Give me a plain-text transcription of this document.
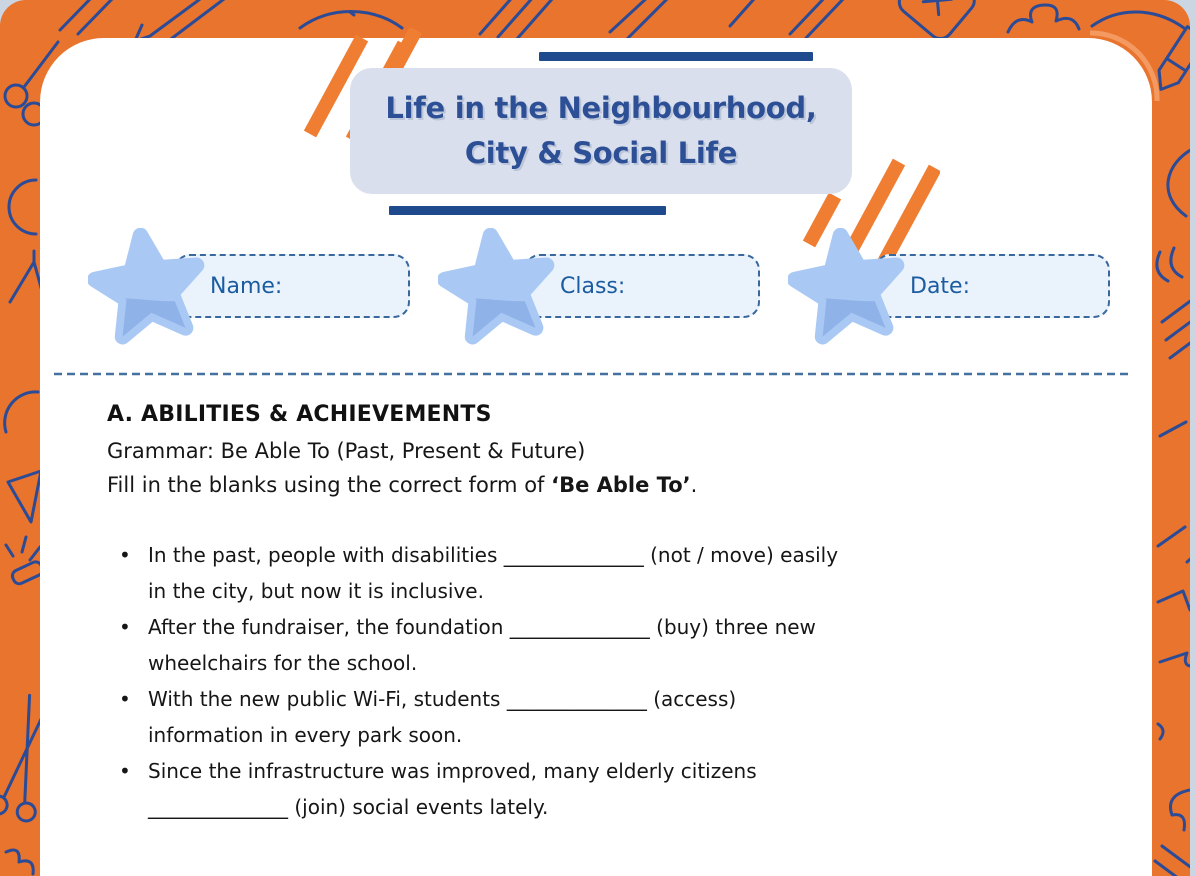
Life in the Neighbourhood,
City & Social Life
Name:	Class:	Date:
A. ABILITIES & ACHIEVEMENTS

Grammar: Be Able To (Past, Present & Future)

Fill in the blanks using the correct form of ‘Be Able To’.

• In the past, people with disabilities ______________ (not / move) easily
in the city, but now it is inclusive.
• After the fundraiser, the foundation ______________ (buy) three new
wheelchairs for the school.
• With the new public Wi-Fi, students ______________ (access)
information in every park soon.
• Since the infrastructure was improved, many elderly citizens
______________ (join) social events lately.
